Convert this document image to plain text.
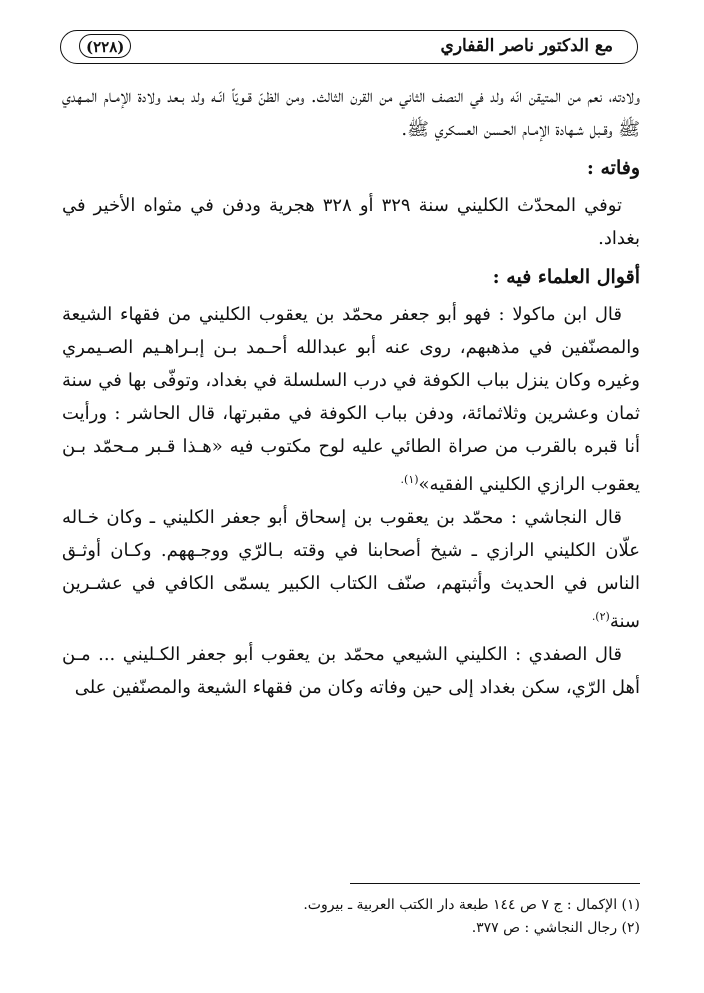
مع الدكتور ناصر القفاري
(٢٢٨)

ولادته، نعم من المتيقن انّه ولد في النصف الثاني من القرن الثالث. ومن الظنّ قـويّاً انّـه ولد بـعد ولادة الإمـام المـهدي ﷺ وقـبل شـهادة الإمـام الحـسن العسكري ﷺ.

وفاته :

توفي المحدّث الكليني سنة ٣٢٩ أو ٣٢٨ هجرية ودفن في مثواه الأخير في بغداد.

أقوال العلماء فيه :

قال ابن ماكولا : فهو أبو جعفر محمّد بن يعقوب الكليني من فقهاء الشيعة والمصنّفين في مذهبهم، روى عنه أبو عبدالله أحـمد بـن إبـراهـيم الصـيمري وغيره وكان ينزل بباب الكوفة في درب السلسلة في بغداد، وتوفّى بها في سنة ثمان وعشرين وثلاثمائة، ودفن بباب الكوفة في مقبرتها، قال الحاشر : ورأيت أنا قبره بالقرب من صراة الطائي عليه لوح مكتوب فيه «هـذا قـبر مـحمّد بـن يعقوب الرازي الكليني الفقيه»$^{(١).}$

قال النجاشي : محمّد بن يعقوب بن إسحاق أبو جعفر الكليني ـ وكان خـاله علّان الكليني الرازي ـ شيخ أصحابنا في وقته بـالرّي ووجـههم. وكـان أوثـق الناس في الحديث وأثبتهم، صنّف الكتاب الكبير يسمّى الكافي في عشـرين سنة$^{(٢).}$

قال الصفدي : الكليني الشيعي محمّد بن يعقوب أبو جعفر الكـليني ... مـن أهل الرّي، سكن بغداد إلى حين وفاته وكان من فقهاء الشيعة والمصنّفين على

(١) الإكمال : ج ٧ ص ١٤٤ طبعة دار الكتب العربية ـ بيروت.

(٢) رجال النجاشي : ص ٣٧٧.
